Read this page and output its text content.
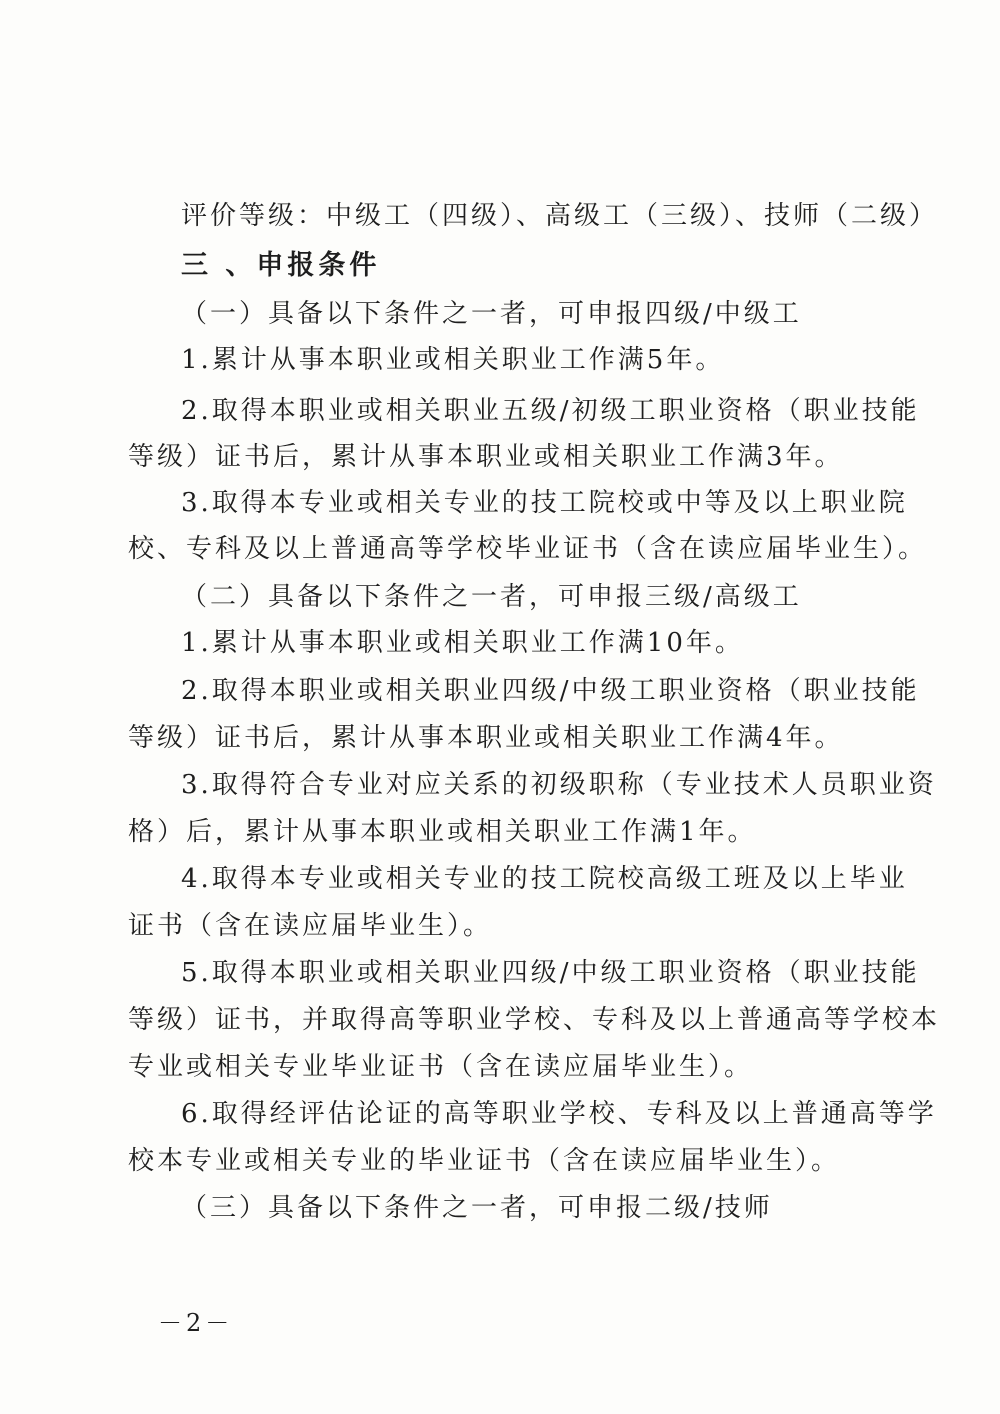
评价等级：中级工（四级）、高级工（三级）、技师（二级）
三 、申报条件
（一）具备以下条件之一者，可申报四级/中级工
1.累计从事本职业或相关职业工作满5年。
2.取得本职业或相关职业五级/初级工职业资格（职业技能
等级）证书后，累计从事本职业或相关职业工作满3年。
3.取得本专业或相关专业的技工院校或中等及以上职业院
校、专科及以上普通高等学校毕业证书（含在读应届毕业生）。
（二）具备以下条件之一者，可申报三级/高级工
1.累计从事本职业或相关职业工作满10年。
2.取得本职业或相关职业四级/中级工职业资格（职业技能
等级）证书后，累计从事本职业或相关职业工作满4年。
3.取得符合专业对应关系的初级职称（专业技术人员职业资
格）后，累计从事本职业或相关职业工作满1年。
4.取得本专业或相关专业的技工院校高级工班及以上毕业
证书（含在读应届毕业生）。
5.取得本职业或相关职业四级/中级工职业资格（职业技能
等级）证书，并取得高等职业学校、专科及以上普通高等学校本
专业或相关专业毕业证书（含在读应届毕业生）。
6.取得经评估论证的高等职业学校、专科及以上普通高等学
校本专业或相关专业的毕业证书（含在读应届毕业生）。
（三）具备以下条件之一者，可申报二级/技师
－2－
